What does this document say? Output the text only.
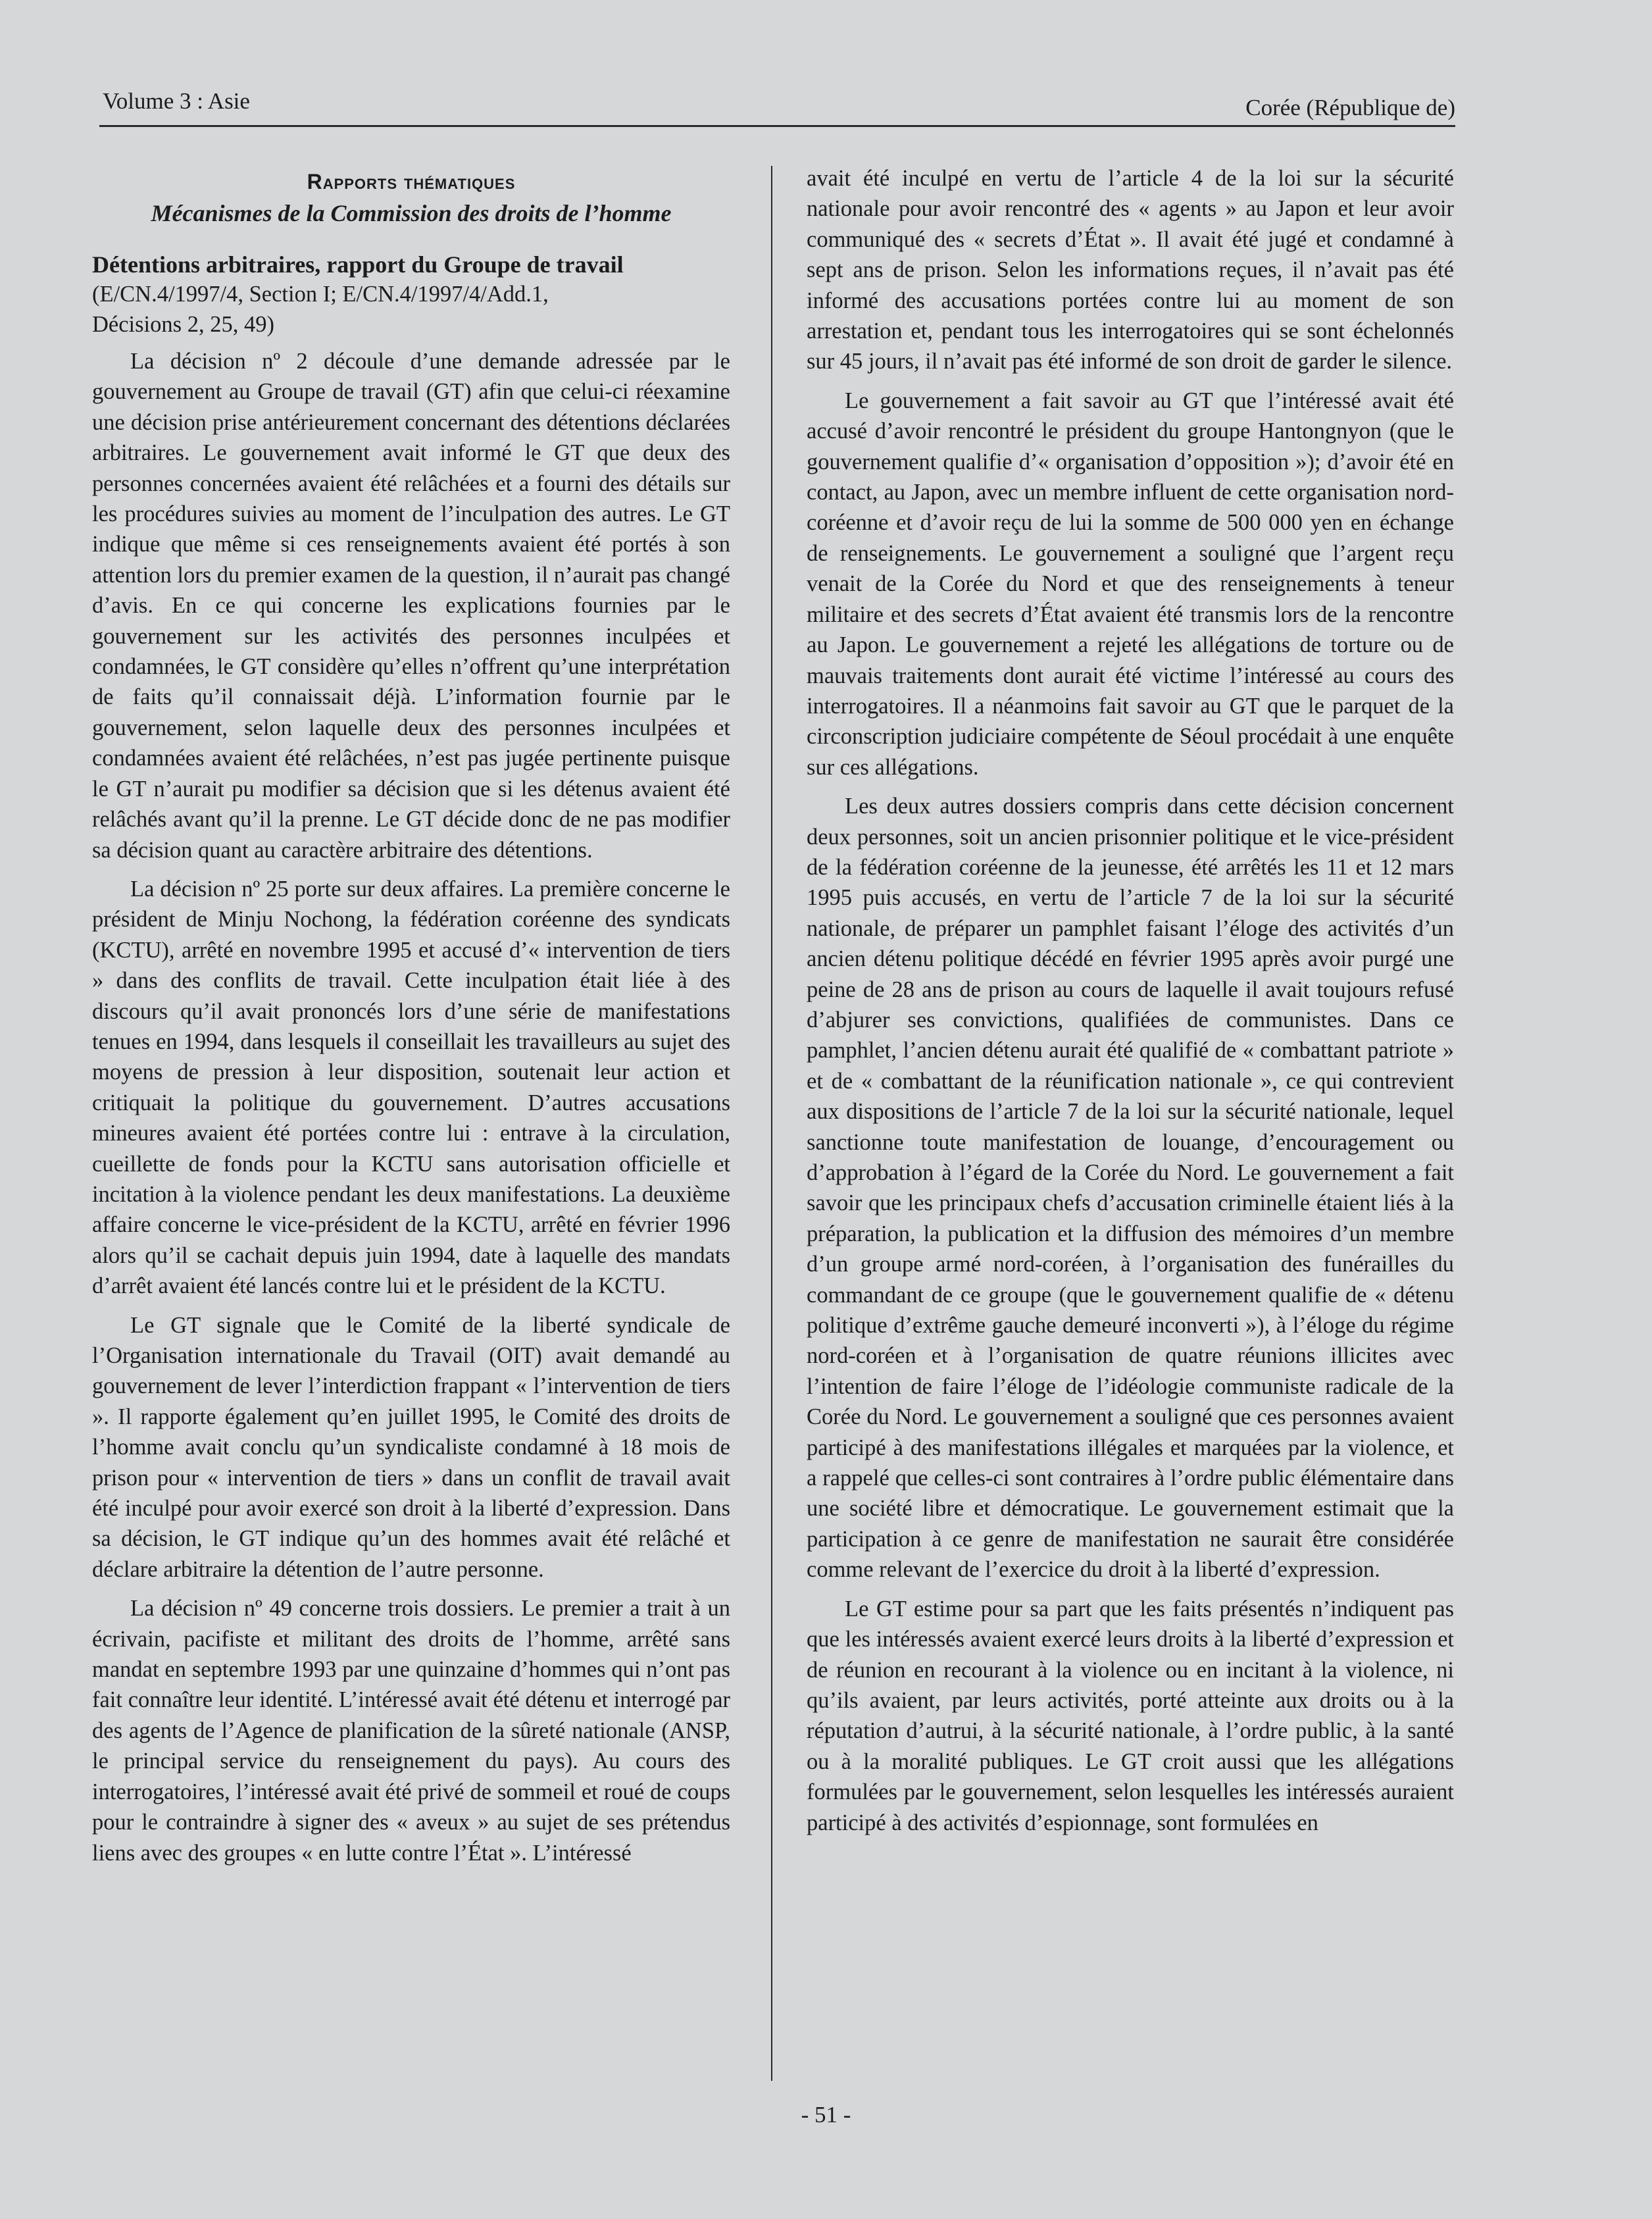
Volume 3 : Asie	Corée (République de)
Rapports thématiques
Mécanismes de la Commission des droits de l’homme
Détentions arbitraires, rapport du Groupe de travail
(E/CN.4/1997/4, Section I; E/CN.4/1997/4/Add.1,
Décisions 2, 25, 49)

La décision nº 2 découle d’une demande adressée par le gouvernement au Groupe de travail (GT) afin que celui-ci réexamine une décision prise antérieurement concernant des détentions déclarées arbitraires. Le gouvernement avait informé le GT que deux des personnes concernées avaient été relâchées et a fourni des détails sur les procédures suivies au moment de l’inculpation des autres. Le GT indique que même si ces renseignements avaient été portés à son attention lors du premier examen de la question, il n’aurait pas changé d’avis. En ce qui concerne les explications fournies par le gouvernement sur les activités des personnes inculpées et condamnées, le GT considère qu’elles n’offrent qu’une interprétation de faits qu’il connaissait déjà. L’information fournie par le gouvernement, selon laquelle deux des personnes inculpées et condamnées avaient été relâchées, n’est pas jugée pertinente puisque le GT n’aurait pu modifier sa décision que si les détenus avaient été relâchés avant qu’il la prenne. Le GT décide donc de ne pas modifier sa décision quant au caractère arbitraire des détentions.

La décision nº 25 porte sur deux affaires. La première concerne le président de Minju Nochong, la fédération coréenne des syndicats (KCTU), arrêté en novembre 1995 et accusé d’« intervention de tiers » dans des conflits de travail. Cette inculpation était liée à des discours qu’il avait prononcés lors d’une série de manifestations tenues en 1994, dans lesquels il conseillait les travailleurs au sujet des moyens de pression à leur disposition, soutenait leur action et critiquait la politique du gouvernement. D’autres accusations mineures avaient été portées contre lui : entrave à la circulation, cueillette de fonds pour la KCTU sans autorisation officielle et incitation à la violence pendant les deux manifestations. La deuxième affaire concerne le vice-président de la KCTU, arrêté en février 1996 alors qu’il se cachait depuis juin 1994, date à laquelle des mandats d’arrêt avaient été lancés contre lui et le président de la KCTU.

Le GT signale que le Comité de la liberté syndicale de l’Organisation internationale du Travail (OIT) avait demandé au gouvernement de lever l’interdiction frappant « l’intervention de tiers ». Il rapporte également qu’en juillet 1995, le Comité des droits de l’homme avait conclu qu’un syndicaliste condamné à 18 mois de prison pour « intervention de tiers » dans un conflit de travail avait été inculpé pour avoir exercé son droit à la liberté d’expression. Dans sa décision, le GT indique qu’un des hommes avait été relâché et déclare arbitraire la détention de l’autre personne.

La décision nº 49 concerne trois dossiers. Le premier a trait à un écrivain, pacifiste et militant des droits de l’homme, arrêté sans mandat en septembre 1993 par une quinzaine d’hommes qui n’ont pas fait connaître leur identité. L’intéressé avait été détenu et interrogé par des agents de l’Agence de planification de la sûreté nationale (ANSP, le principal service du renseignement du pays). Au cours des interrogatoires, l’intéressé avait été privé de sommeil et roué de coups pour le contraindre à signer des « aveux » au sujet de ses prétendus liens avec des groupes « en lutte contre l’État ». L’intéressé

avait été inculpé en vertu de l’article 4 de la loi sur la sécurité nationale pour avoir rencontré des « agents » au Japon et leur avoir communiqué des « secrets d’État ». Il avait été jugé et condamné à sept ans de prison. Selon les informations reçues, il n’avait pas été informé des accusations portées contre lui au moment de son arrestation et, pendant tous les interrogatoires qui se sont échelonnés sur 45 jours, il n’avait pas été informé de son droit de garder le silence.

Le gouvernement a fait savoir au GT que l’intéressé avait été accusé d’avoir rencontré le président du groupe Hantongnyon (que le gouvernement qualifie d’« organisation d’opposition »); d’avoir été en contact, au Japon, avec un membre influent de cette organisation nord-coréenne et d’avoir reçu de lui la somme de 500 000 yen en échange de renseignements. Le gouvernement a souligné que l’argent reçu venait de la Corée du Nord et que des renseignements à teneur militaire et des secrets d’État avaient été transmis lors de la rencontre au Japon. Le gouvernement a rejeté les allégations de torture ou de mauvais traitements dont aurait été victime l’intéressé au cours des interrogatoires. Il a néanmoins fait savoir au GT que le parquet de la circonscription judiciaire compétente de Séoul procédait à une enquête sur ces allégations.

Les deux autres dossiers compris dans cette décision concernent deux personnes, soit un ancien prisonnier politique et le vice-président de la fédération coréenne de la jeunesse, été arrêtés les 11 et 12 mars 1995 puis accusés, en vertu de l’article 7 de la loi sur la sécurité nationale, de préparer un pamphlet faisant l’éloge des activités d’un ancien détenu politique décédé en février 1995 après avoir purgé une peine de 28 ans de prison au cours de laquelle il avait toujours refusé d’abjurer ses convictions, qualifiées de communistes. Dans ce pamphlet, l’ancien détenu aurait été qualifié de « combattant patriote » et de « combattant de la réunification nationale », ce qui contrevient aux dispositions de l’article 7 de la loi sur la sécurité nationale, lequel sanctionne toute manifestation de louange, d’encouragement ou d’approbation à l’égard de la Corée du Nord. Le gouvernement a fait savoir que les principaux chefs d’accusation criminelle étaient liés à la préparation, la publication et la diffusion des mémoires d’un membre d’un groupe armé nord-coréen, à l’organisation des funérailles du commandant de ce groupe (que le gouvernement qualifie de « détenu politique d’extrême gauche demeuré inconverti »), à l’éloge du régime nord-coréen et à l’organisation de quatre réunions illicites avec l’intention de faire l’éloge de l’idéologie communiste radicale de la Corée du Nord. Le gouvernement a souligné que ces personnes avaient participé à des manifestations illégales et marquées par la violence, et a rappelé que celles-ci sont contraires à l’ordre public élémentaire dans une société libre et démocratique. Le gouvernement estimait que la participation à ce genre de manifestation ne saurait être considérée comme relevant de l’exercice du droit à la liberté d’expression.

Le GT estime pour sa part que les faits présentés n’indiquent pas que les intéressés avaient exercé leurs droits à la liberté d’expression et de réunion en recourant à la violence ou en incitant à la violence, ni qu’ils avaient, par leurs activités, porté atteinte aux droits ou à la réputation d’autrui, à la sécurité nationale, à l’ordre public, à la santé ou à la moralité publiques. Le GT croit aussi que les allégations formulées par le gouvernement, selon lesquelles les intéressés auraient participé à des activités d’espionnage, sont formulées en

- 51 -
